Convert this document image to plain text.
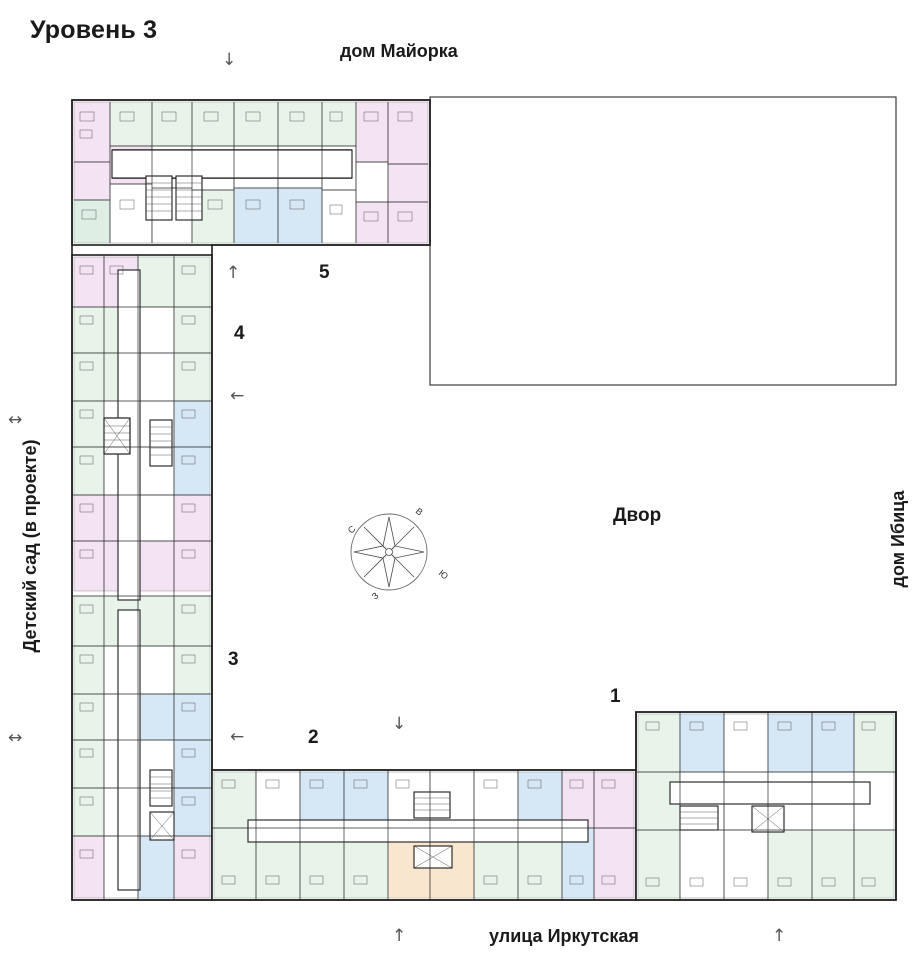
Уровень 3
дом Майорка
улица Иркутская
Детский сад (в проекте)	дом Ибица
Двор
1
2
3
4
5
↓
↑
←
←
↓
↑	↑
↔
↔
С
В
Ю
З
